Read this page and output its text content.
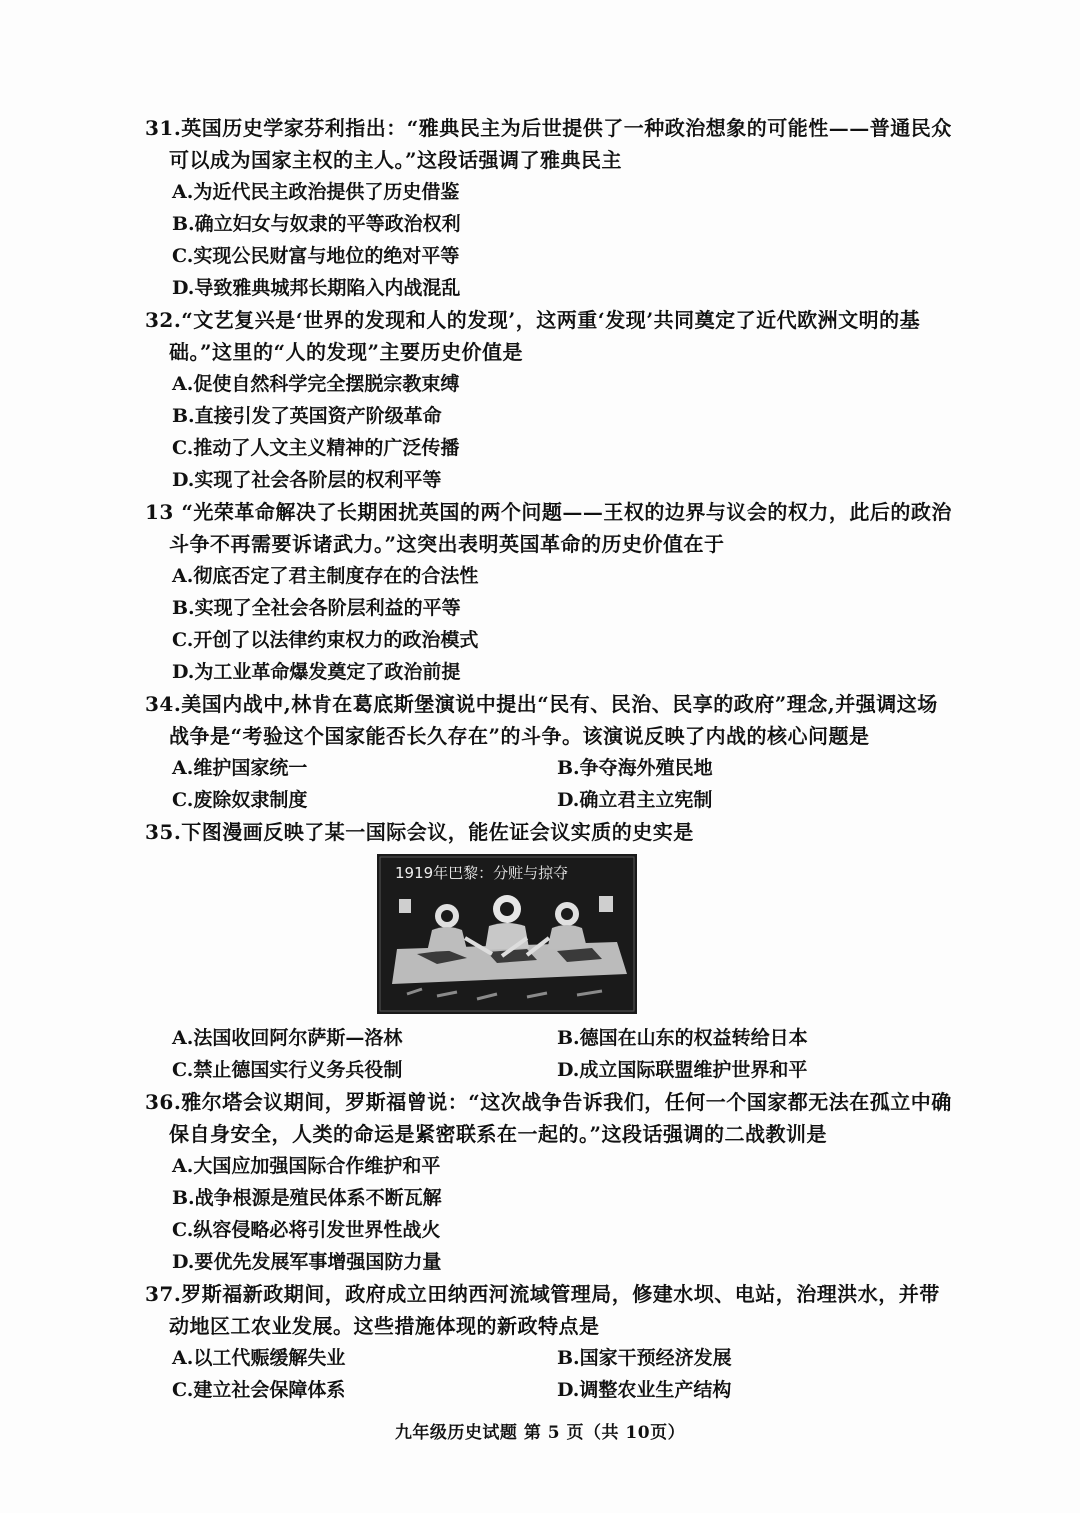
31.英国历史学家芬利指出：“雅典民主为后世提供了一种政治想象的可能性——普通民众可以成为国家主权的主人。”这段话强调了雅典民主

A.为近代民主政治提供了历史借鉴

B.确立妇女与奴隶的平等政治权利

C.实现公民财富与地位的绝对平等

D.导致雅典城邦长期陷入内战混乱

32.“文艺复兴是‘世界的发现和人的发现’，这两重‘发现’共同奠定了近代欧洲文明的基础。”这里的“人的发现”主要历史价值是

A.促使自然科学完全摆脱宗教束缚

B.直接引发了英国资产阶级革命

C.推动了人文主义精神的广泛传播

D.实现了社会各阶层的权利平等

13 “光荣革命解决了长期困扰英国的两个问题——王权的边界与议会的权力，此后的政治斗争不再需要诉诸武力。”这突出表明英国革命的历史价值在于

A.彻底否定了君主制度存在的合法性

B.实现了全社会各阶层利益的平等

C.开创了以法律约束权力的政治模式

D.为工业革命爆发奠定了政治前提

34.美国内战中,林肯在葛底斯堡演说中提出“民有、民治、民享的政府”理念,并强调这场战争是“考验这个国家能否长久存在”的斗争。该演说反映了内战的核心问题是

A.维护国家统一	B.争夺海外殖民地

C.废除奴隶制度	D.确立君主立宪制

35.下图漫画反映了某一国际会议，能佐证会议实质的史实是

1919年巴黎：分赃与掠夺

A.法国收回阿尔萨斯—洛林	B.德国在山东的权益转给日本

C.禁止德国实行义务兵役制	D.成立国际联盟维护世界和平

36.雅尔塔会议期间，罗斯福曾说：“这次战争告诉我们，任何一个国家都无法在孤立中确保自身安全，人类的命运是紧密联系在一起的。”这段话强调的二战教训是

A.大国应加强国际合作维护和平

B.战争根源是殖民体系不断瓦解

C.纵容侵略必将引发世界性战火

D.要优先发展军事增强国防力量

37.罗斯福新政期间，政府成立田纳西河流域管理局，修建水坝、电站，治理洪水，并带动地区工农业发展。这些措施体现的新政特点是

A.以工代赈缓解失业	B.国家干预经济发展

C.建立社会保障体系	D.调整农业生产结构

九年级历史试题 第 5 页（共 10页）
